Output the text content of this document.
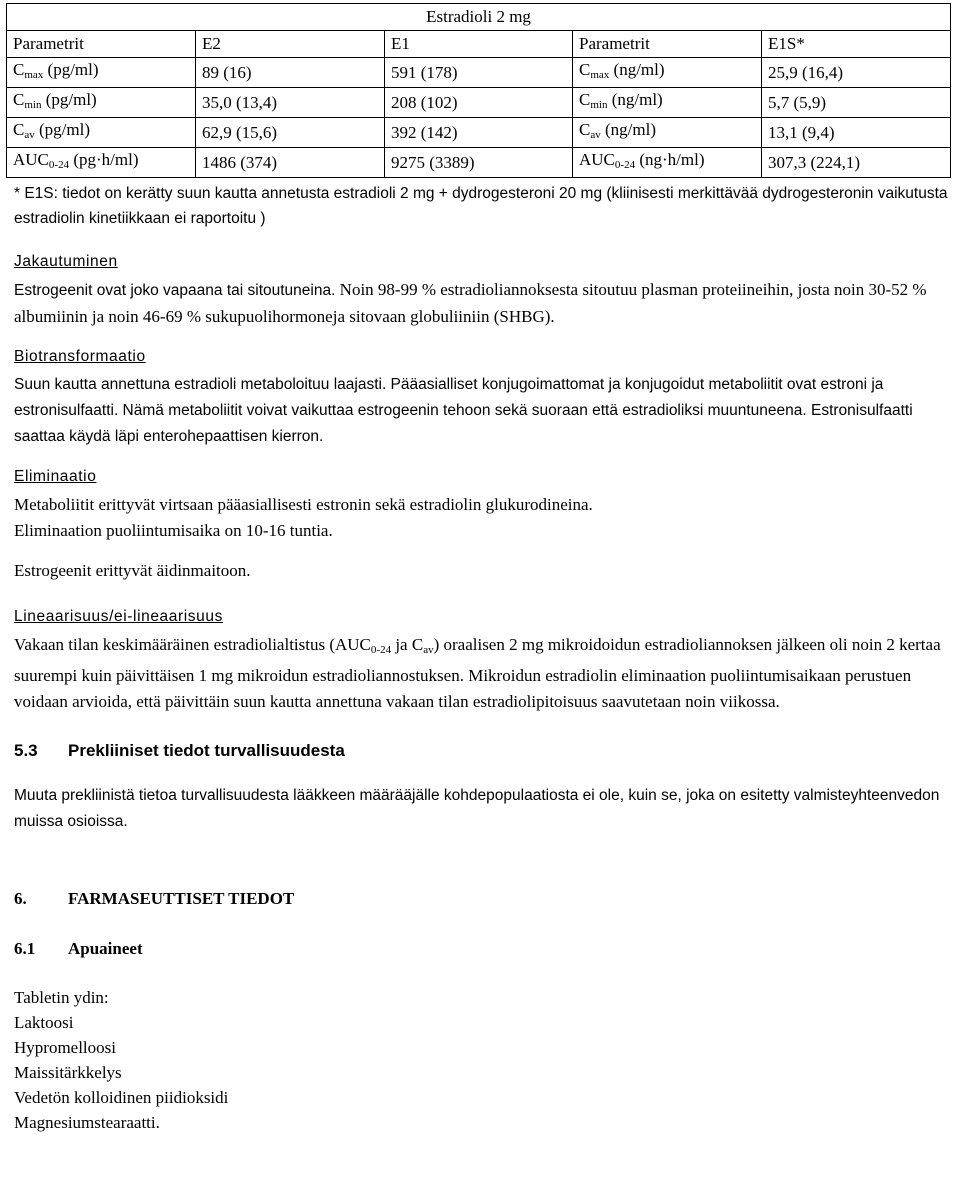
Estradioli 2 mg				
Parametrit	E2	E1	Parametrit	E1S*
$C_{max}$ (pg/ml)	89 (16)	591 (178)	$C_{max}$ (ng/ml)	25,9 (16,4)
$C_{min}$ (pg/ml)	35,0 (13,4)	208 (102)	$C_{min}$ (ng/ml)	5,7 (5,9)
$C_{av}$ (pg/ml)	62,9 (15,6)	392 (142)	$C_{av}$ (ng/ml)	13,1 (9,4)
$AUC_{0-24}$ (pg·h/ml)	1486 (374)	9275 (3389)	$AUC_{0-24}$ (ng·h/ml)	307,3 (224,1)
* E1S: tiedot on kerätty suun kautta annetusta estradioli 2 mg + dydrogesteroni 20 mg (kliinisesti merkittävää dydrogesteronin vaikutusta estradiolin kinetiikkaan ei raportoitu )
Jakautuminen

Estrogeenit ovat joko vapaana tai sitoutuneina. Noin 98-99 % estradioliannoksesta sitoutuu plasman proteiineihin, josta noin 30-52 % albumiinin ja noin 46-69 % sukupuolihormoneja sitovaan globuliiniin (SHBG).

Biotransformaatio

Suun kautta annettuna estradioli metaboloituu laajasti. Pääasialliset konjugoimattomat ja konjugoidut metaboliitit ovat estroni ja estronisulfaatti. Nämä metaboliitit voivat vaikuttaa estrogeenin tehoon sekä suoraan että estradioliksi muuntuneena. Estronisulfaatti saattaa käydä läpi enterohepaattisen kierron.

Eliminaatio

Metaboliitit erittyvät virtsaan pääasiallisesti estronin sekä estradiolin glukurodineina.

Eliminaation puoliintumisaika on 10-16 tuntia.

Estrogeenit erittyvät äidinmaitoon.

Lineaarisuus/ei-lineaarisuus

Vakaan tilan keskimääräinen estradiolialtistus (AUC0-24 ja Cav) oraalisen 2 mg mikroidoidun estradioliannoksen jälkeen oli noin 2 kertaa suurempi kuin päivittäisen 1 mg mikroidun estradioliannostuksen. Mikroidun estradiolin eliminaation puoliintumisaikaan perustuen voidaan arvioida, että päivittäin suun kautta annettuna vakaan tilan estradiolipitoisuus saavutetaan noin viikossa.

5.3 Prekliiniset tiedot turvallisuudesta

Muuta prekliinistä tietoa turvallisuudesta lääkkeen määrääjälle kohdepopulaatiosta ei ole, kuin se, joka on esitetty valmisteyhteenvedon muissa osioissa.

6. FARMASEUTTISET TIEDOT
6.1 Apuaineet
Tabletin ydin:
Laktoosi
Hypromelloosi
Maissitärkkelys
Vedetön kolloidinen piidioksidi
Magnesiumstearaatti.
